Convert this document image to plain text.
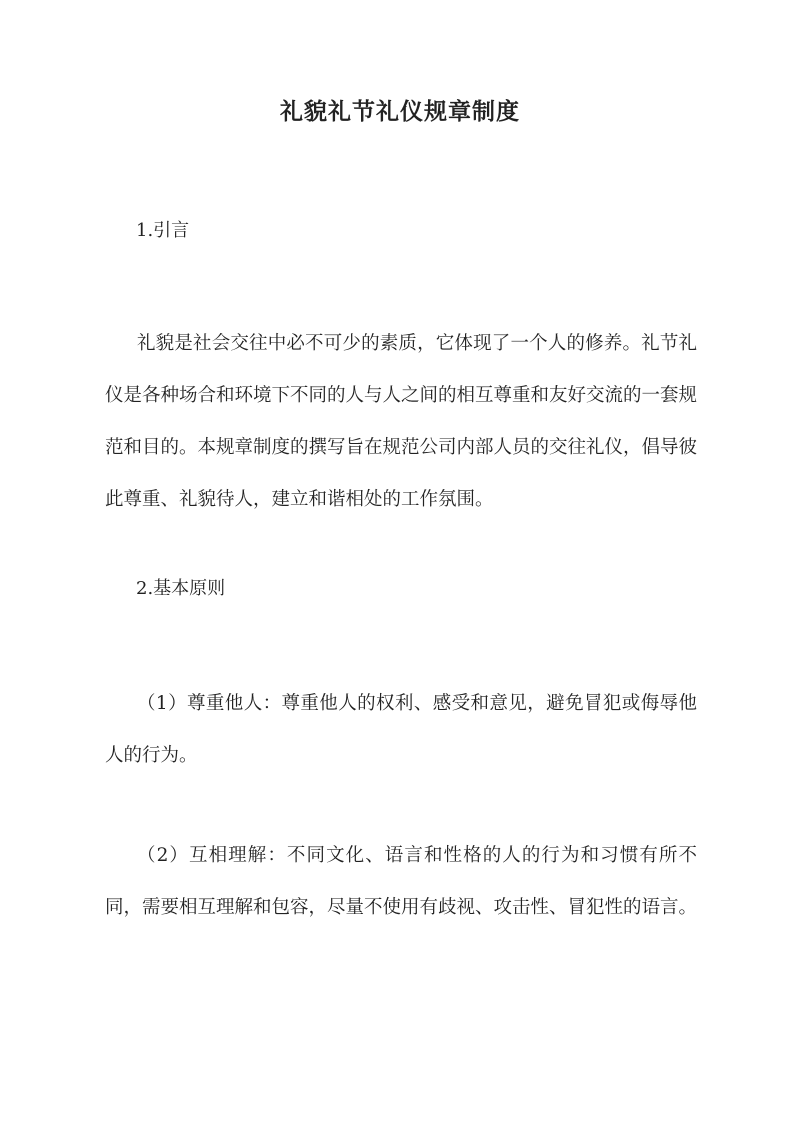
礼貌礼节礼仪规章制度
1.引言

礼貌是社会交往中必不可少的素质，它体现了一个人的修养。礼节礼仪是各种场合和环境下不同的人与人之间的相互尊重和友好交流的一套规范和目的。本规章制度的撰写旨在规范公司内部人员的交往礼仪，倡导彼此尊重、礼貌待人，建立和谐相处的工作氛围。

2.基本原则

（1）尊重他人：尊重他人的权利、感受和意见，避免冒犯或侮辱他人的行为。

（2）互相理解：不同文化、语言和性格的人的行为和习惯有所不同，需要相互理解和包容，尽量不使用有歧视、攻击性、冒犯性的语言。
